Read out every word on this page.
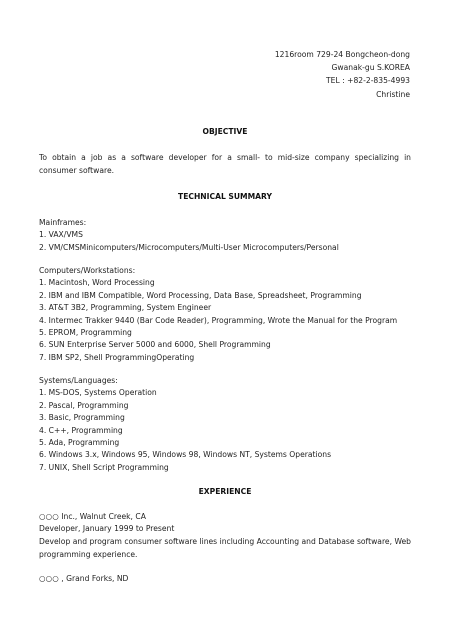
1216room 729-24 Bongcheon-dong
Gwanak-gu S.KOREA
TEL : +82-2-835-4993
Christine
OBJECTIVE
To obtain a job as a software developer for a small- to mid-size company specializing in consumer software.
TECHNICAL SUMMARY
Mainframes:
1. VAX/VMS
2. VM/CMSMinicomputers/Microcomputers/Multi-User Microcomputers/Personal
Computers/Workstations:
1. Macintosh, Word Processing
2. IBM and IBM Compatible, Word Processing, Data Base, Spreadsheet, Programming
3. AT&T 3B2, Programming, System Engineer
4. Intermec Trakker 9440 (Bar Code Reader), Programming, Wrote the Manual for the Program
5. EPROM, Programming
6. SUN Enterprise Server 5000 and 6000, Shell Programming
7. IBM SP2, Shell ProgrammingOperating
Systems/Languages:
1. MS-DOS, Systems Operation
2. Pascal, Programming
3. Basic, Programming
4. C++, Programming
5. Ada, Programming
6. Windows 3.x, Windows 95, Windows 98, Windows NT, Systems Operations
7. UNIX, Shell Script Programming
EXPERIENCE
○○○ Inc., Walnut Creek, CA
Developer, January 1999 to Present
Develop and program consumer software lines including Accounting and Database software, Web programming experience.
○○○ , Grand Forks, ND
